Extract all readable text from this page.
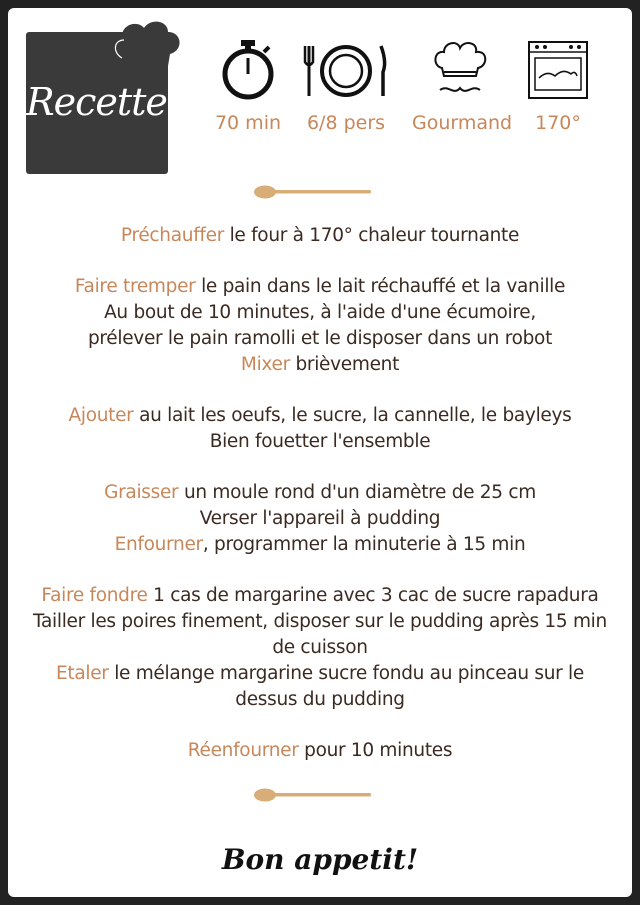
Recette	70 min	6/8 pers	Gourmand	170°

Préchauffer le four à 170° chaleur tournante

Faire tremper le pain dans le lait réchauffé et la vanille
Au bout de 10 minutes, à l'aide d'une écumoire,
prélever le pain ramolli et le disposer dans un robot
Mixer brièvement

Ajouter au lait les oeufs, le sucre, la cannelle, le bayleys
Bien fouetter l'ensemble

Graisser un moule rond d'un diamètre de 25 cm
Verser l'appareil à pudding
Enfourner, programmer la minuterie à 15 min

Faire fondre 1 cas de margarine avec 3 cac de sucre rapadura
Tailler les poires finement, disposer sur le pudding après 15 min
de cuisson
Etaler le mélange margarine sucre fondu au pinceau sur le
dessus du pudding

Réenfourner pour 10 minutes

Bon appetit!
